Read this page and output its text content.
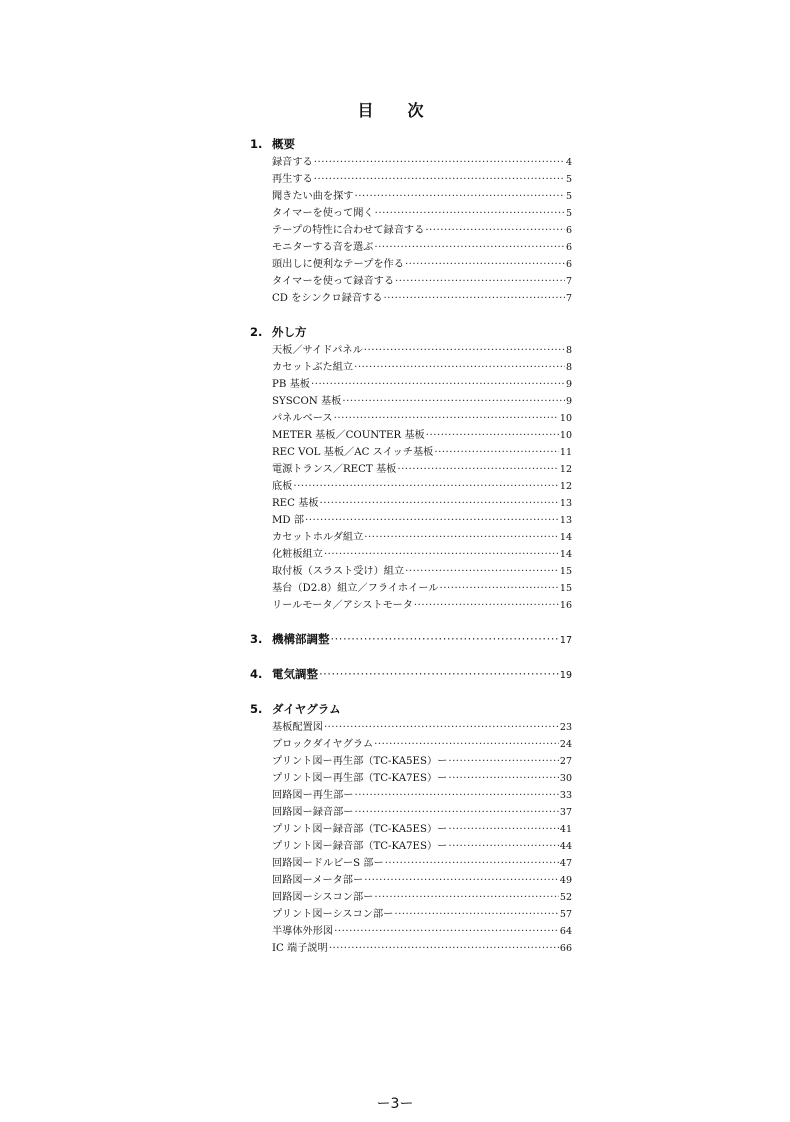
目　次
1. 概要
録音する ·····	4
再生する ·····	5
聞きたい曲を探す ·····	5
タイマーを使って聞く ·····	5
テープの特性に合わせて録音する ·····	6
モニターする音を選ぶ ·····	6
頭出しに便利なテープを作る ·····	6
タイマーを使って録音する ·····	7
CD をシンクロ録音する ·····	7
2. 外し方
天板／サイドパネル ·····	8
カセットぶた組立 ·····	8
PB 基板 ·····	9
SYSCON 基板 ·····	9
パネルベース ·····	10
METER 基板／COUNTER 基板 ·····	10
REC VOL 基板／AC スイッチ基板 ·····	11
電源トランス／RECT 基板 ·····	12
底板 ·····	12
REC 基板 ·····	13
MD 部 ·····	13
カセットホルダ組立 ·····	14
化粧板組立 ·····	14
取付板（スラスト受け）組立 ·····	15
基台（D2.8）組立／フライホイール ·····	15
リールモータ／アシストモータ ·····	16
3. 機構部調整 ·····	17
4. 電気調整 ·····	19
5. ダイヤグラム
基板配置図 ·····	23
ブロックダイヤグラム ·····	24
プリント図ー再生部（TC-KA5ES）ー ·····	27
プリント図ー再生部（TC-KA7ES）ー ·····	30
回路図ー再生部ー ·····	33
回路図ー録音部ー ·····	37
プリント図ー録音部（TC-KA5ES）ー ·····	41
プリント図ー録音部（TC-KA7ES）ー ·····	44
回路図ードルビーS 部ー ·····	47
回路図ーメータ部ー ·····	49
回路図ーシスコン部ー ·····	52
プリント図ーシスコン部ー ·····	57
半導体外形図 ·····	64
IC 端子説明 ·····	66
ー3ー
